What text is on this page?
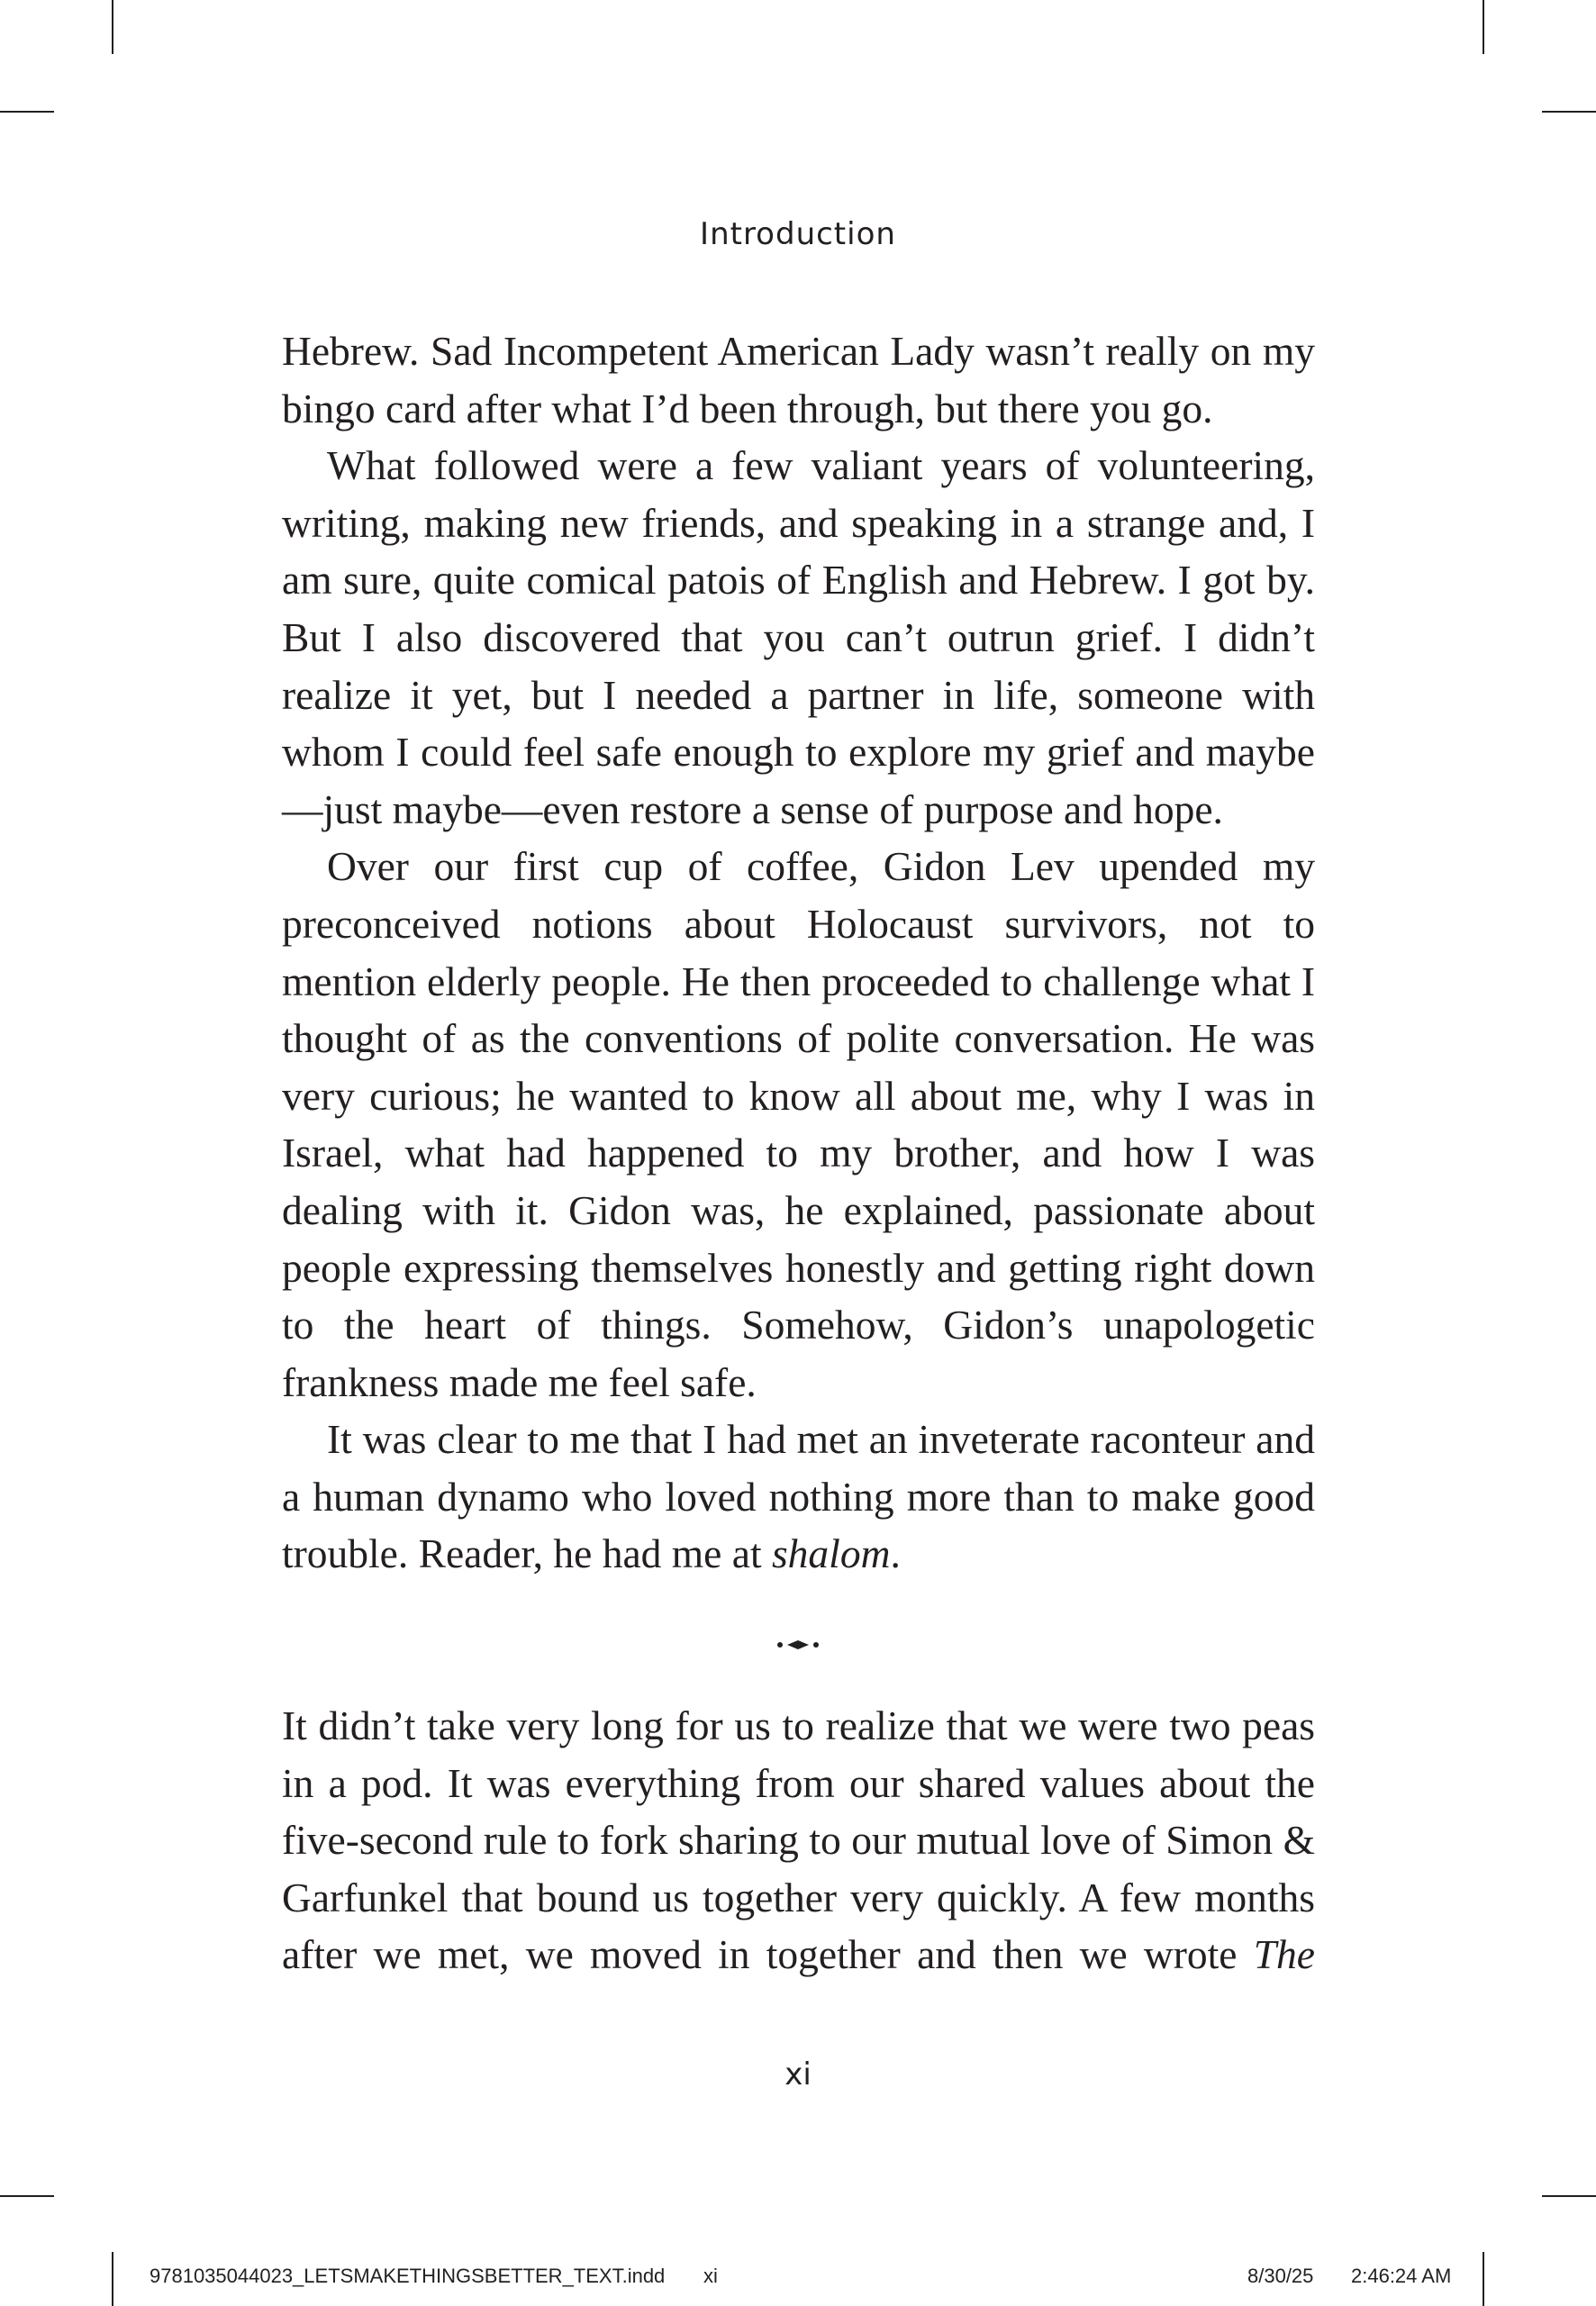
Introduction

Hebrew. Sad Incompetent American Lady wasn’t really on my bingo card after what I’d been through, but there you go.

What followed were a few valiant years of volunteering, writing, making new friends, and speaking in a strange and, I am sure, quite comical patois of English and Hebrew. I got by. But I also discovered that you can’t outrun grief. I didn’t realize it yet, but I needed a partner in life, someone with whom I could feel safe enough to explore my grief and maybe—just maybe—even restore a sense of purpose and hope.

Over our first cup of coffee, Gidon Lev upended my preconceived notions about Holocaust survivors, not to mention elderly people. He then proceeded to challenge what I thought of as the conventions of polite conversation. He was very curious; he wanted to know all about me, why I was in Israel, what had happened to my brother, and how I was dealing with it. Gidon was, he explained, passionate about people expressing themselves honestly and getting right down to the heart of things. Somehow, Gidon’s unapologetic frankness made me feel safe.

It was clear to me that I had met an inveterate raconteur and a human dynamo who loved nothing more than to make good trouble. Reader, he had me at shalom.

It didn’t take very long for us to realize that we were two peas in a pod. It was everything from our shared values about the five-second rule to fork sharing to our mutual love of Simon & Garfunkel that bound us together very quickly. A few months after we met, we moved in together and then we wrote The

xi
9781035044023_LETSMAKETHINGSBETTER_TEXT.indd xi	8/30/25 2:46:24 AM
